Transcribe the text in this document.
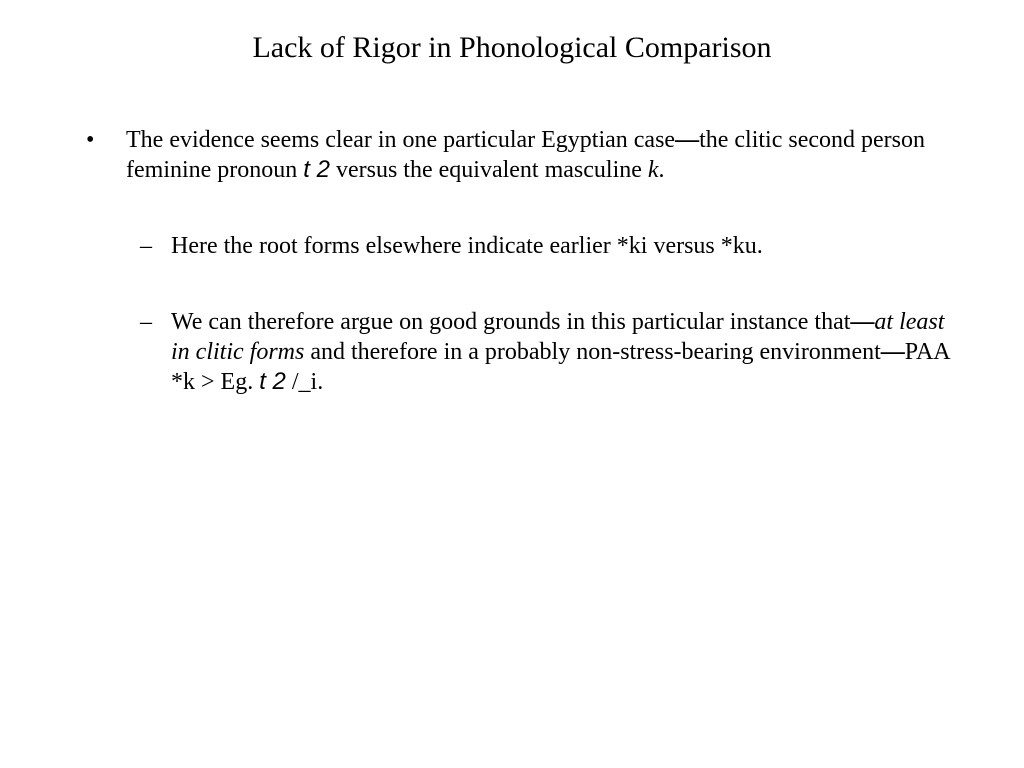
Lack of Rigor in Phonological Comparison
• The evidence seems clear in one particular Egyptian case—the clitic second person feminine pronoun t 2 versus the equivalent masculine k.
– Here the root forms elsewhere indicate earlier *ki versus *ku.
– We can therefore argue on good grounds in this particular instance that—at least in clitic forms and therefore in a probably non-stress-bearing environment—PAA *k > Eg. t 2 /_i.
